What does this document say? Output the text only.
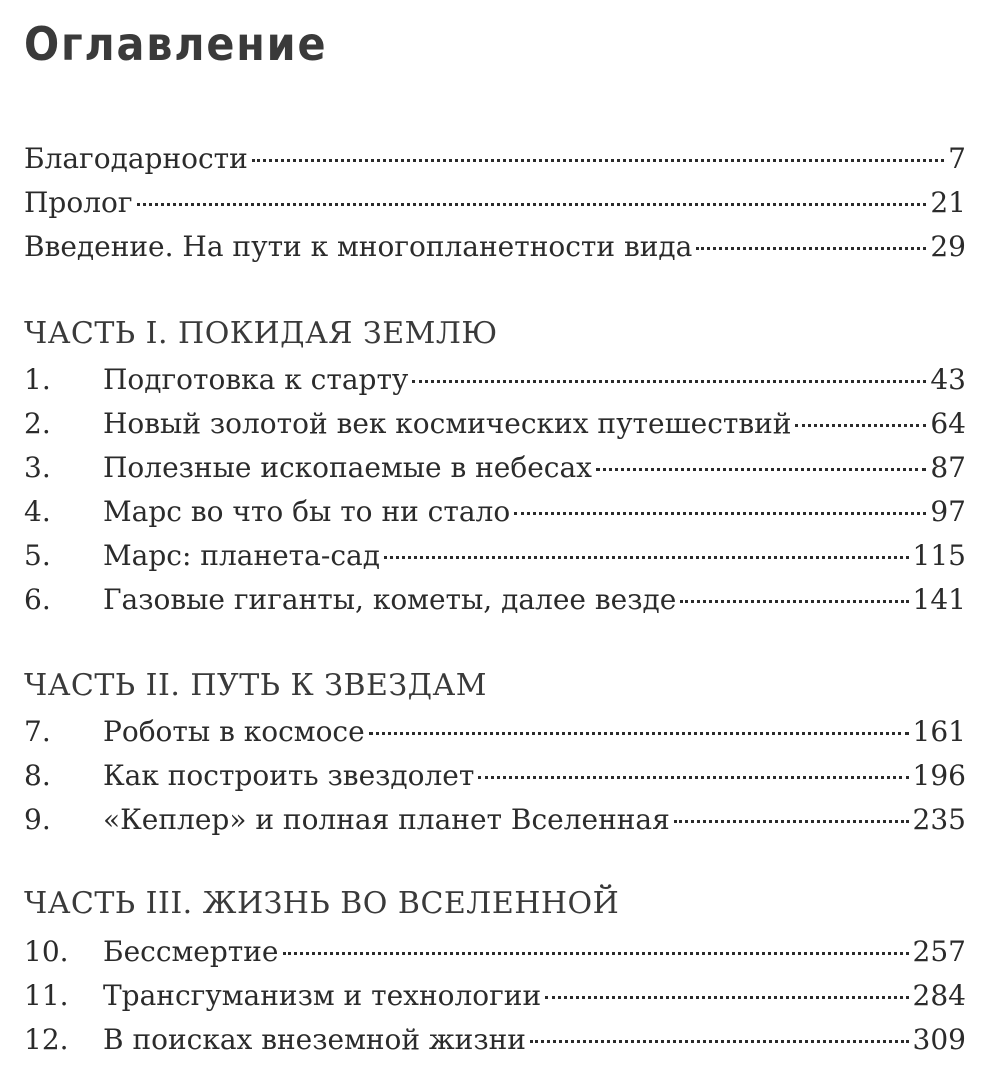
Оглавление
Благодарности	7
Пролог	21
Введение. На пути к многопланетности вида	29
ЧАСТЬ I. ПОКИДАЯ ЗЕМЛЮ
1.	Подготовка к старту	43
2.	Новый золотой век космических путешествий	64
3.	Полезные ископаемые в небесах	87
4.	Марс во что бы то ни стало	97
5.	Марс: планета-сад	115
6.	Газовые гиганты, кометы, далее везде	141
ЧАСТЬ II. ПУТЬ К ЗВЕЗДАМ
7.	Роботы в космосе	161
8.	Как построить звездолет	196
9.	«Кеплер» и полная планет Вселенная	235
ЧАСТЬ III. ЖИЗНЬ ВО ВСЕЛЕННОЙ
10.	Бессмертие	257
11.	Трансгуманизм и технологии	284
12.	В поисках внеземной жизни	309
